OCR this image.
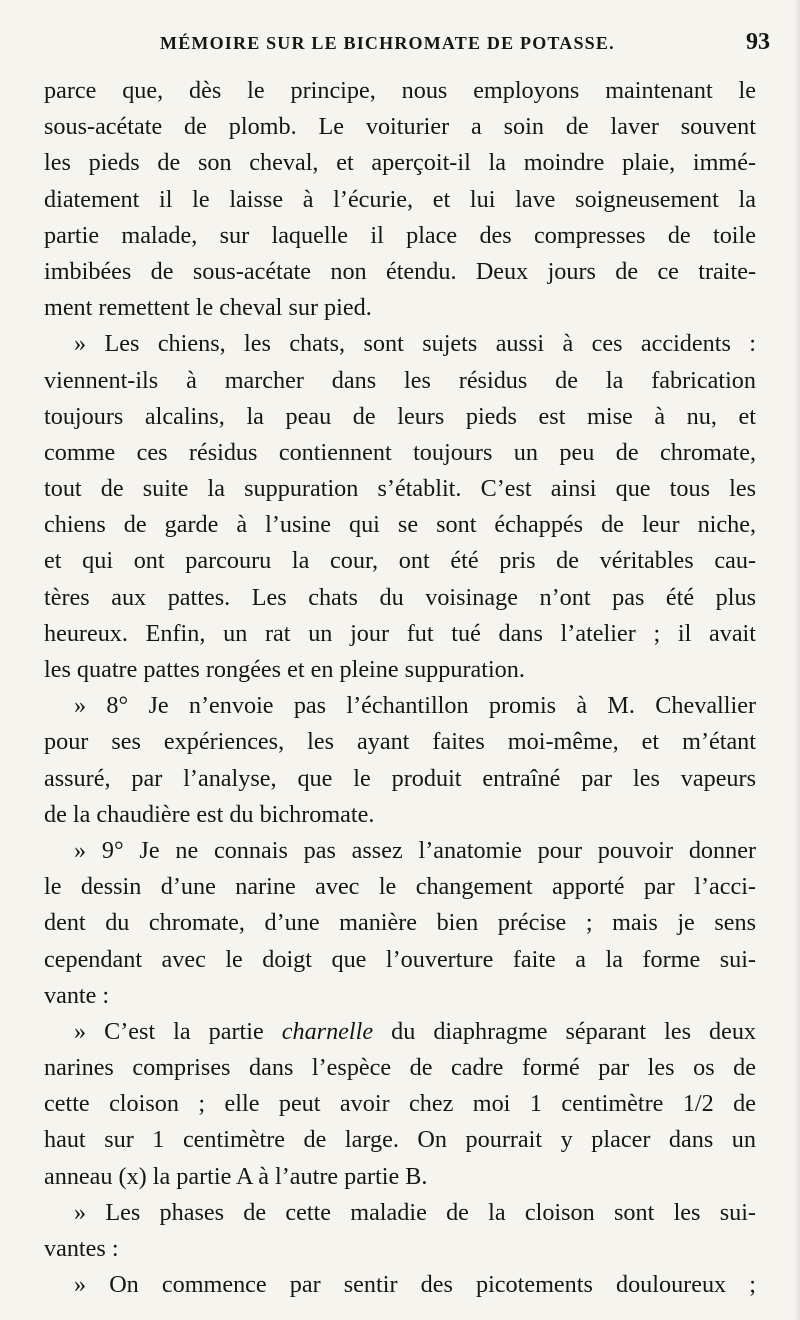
MÉMOIRE SUR LE BICHROMATE DE POTASSE.	93
parce que, dès le principe, nous employons maintenant le
sous-acétate de plomb. Le voiturier a soin de laver souvent
les pieds de son cheval, et aperçoit-il la moindre plaie, immé-
diatement il le laisse à l’écurie, et lui lave soigneusement la
partie malade, sur laquelle il place des compresses de toile
imbibées de sous-acétate non étendu. Deux jours de ce traite-
ment remettent le cheval sur pied.
» Les chiens, les chats, sont sujets aussi à ces accidents :
viennent-ils à marcher dans les résidus de la fabrication
toujours alcalins, la peau de leurs pieds est mise à nu, et
comme ces résidus contiennent toujours un peu de chromate,
tout de suite la suppuration s’établit. C’est ainsi que tous les
chiens de garde à l’usine qui se sont échappés de leur niche,
et qui ont parcouru la cour, ont été pris de véritables cau-
tères aux pattes. Les chats du voisinage n’ont pas été plus
heureux. Enfin, un rat un jour fut tué dans l’atelier ; il avait
les quatre pattes rongées et en pleine suppuration.
» 8° Je n’envoie pas l’échantillon promis à M. Chevallier
pour ses expériences, les ayant faites moi-même, et m’étant
assuré, par l’analyse, que le produit entraîné par les vapeurs
de la chaudière est du bichromate.
» 9° Je ne connais pas assez l’anatomie pour pouvoir donner
le dessin d’une narine avec le changement apporté par l’acci-
dent du chromate, d’une manière bien précise ; mais je sens
cependant avec le doigt que l’ouverture faite a la forme sui-
vante :
» C’est la partie charnelle du diaphragme séparant les deux
narines comprises dans l’espèce de cadre formé par les os de
cette cloison ; elle peut avoir chez moi 1 centimètre 1/2 de
haut sur 1 centimètre de large. On pourrait y placer dans un
anneau (x) la partie A à l’autre partie B.
» Les phases de cette maladie de la cloison sont les sui-
vantes :
» On commence par sentir des picotements douloureux ;
